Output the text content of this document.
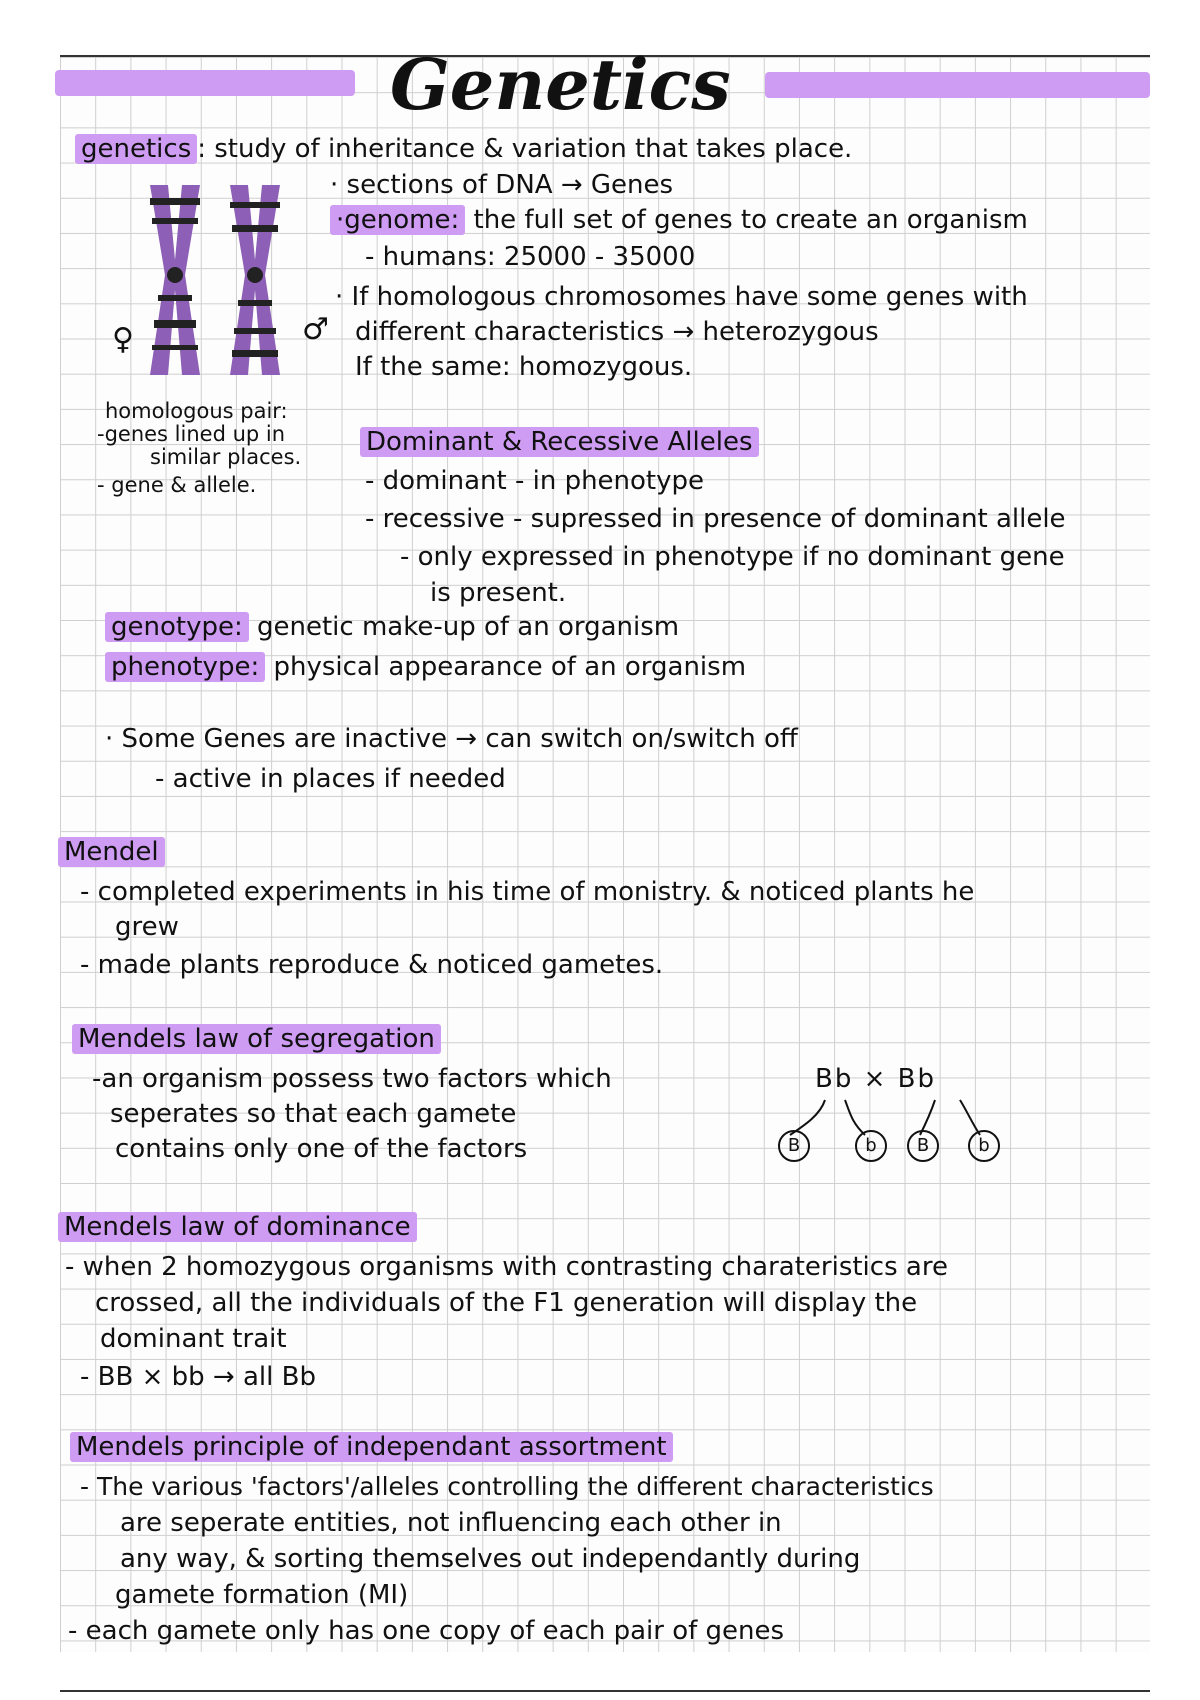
Genetics
genetics : study of inheritance & variation that takes place.
♀	♂
homologous pair:
-genes lined up in
similar places.
- gene & allele.
· sections of DNA → Genes
·genome: the full set of genes to create an organism
- humans: 25000 - 35000
· If homologous chromosomes have some genes with
different characteristics → heterozygous
If the same: homozygous.
Dominant & Recessive Alleles
- dominant - in phenotype
- recessive - supressed in presence of dominant allele
- only expressed in phenotype if no dominant gene
is present.
genotype: genetic make-up of an organism
phenotype: physical appearance of an organism
· Some Genes are inactive → can switch on/switch off
- active in places if needed
Mendel
- completed experiments in his time of monistry. & noticed plants he
grew
- made plants reproduce & noticed gametes.
Mendels law of segregation
-an organism possess two factors which
seperates so that each gamete
contains only one of the factors
Bb × Bb
B	b	B	b
Mendels law of dominance
- when 2 homozygous organisms with contrasting charateristics are
crossed, all the individuals of the F1 generation will display the
dominant trait
- BB × bb → all Bb
Mendels principle of independant assortment
- The various 'factors'/alleles controlling the different characteristics
are seperate entities, not influencing each other in
any way, & sorting themselves out independantly during
gamete formation (MI)
- each gamete only has one copy of each pair of genes
